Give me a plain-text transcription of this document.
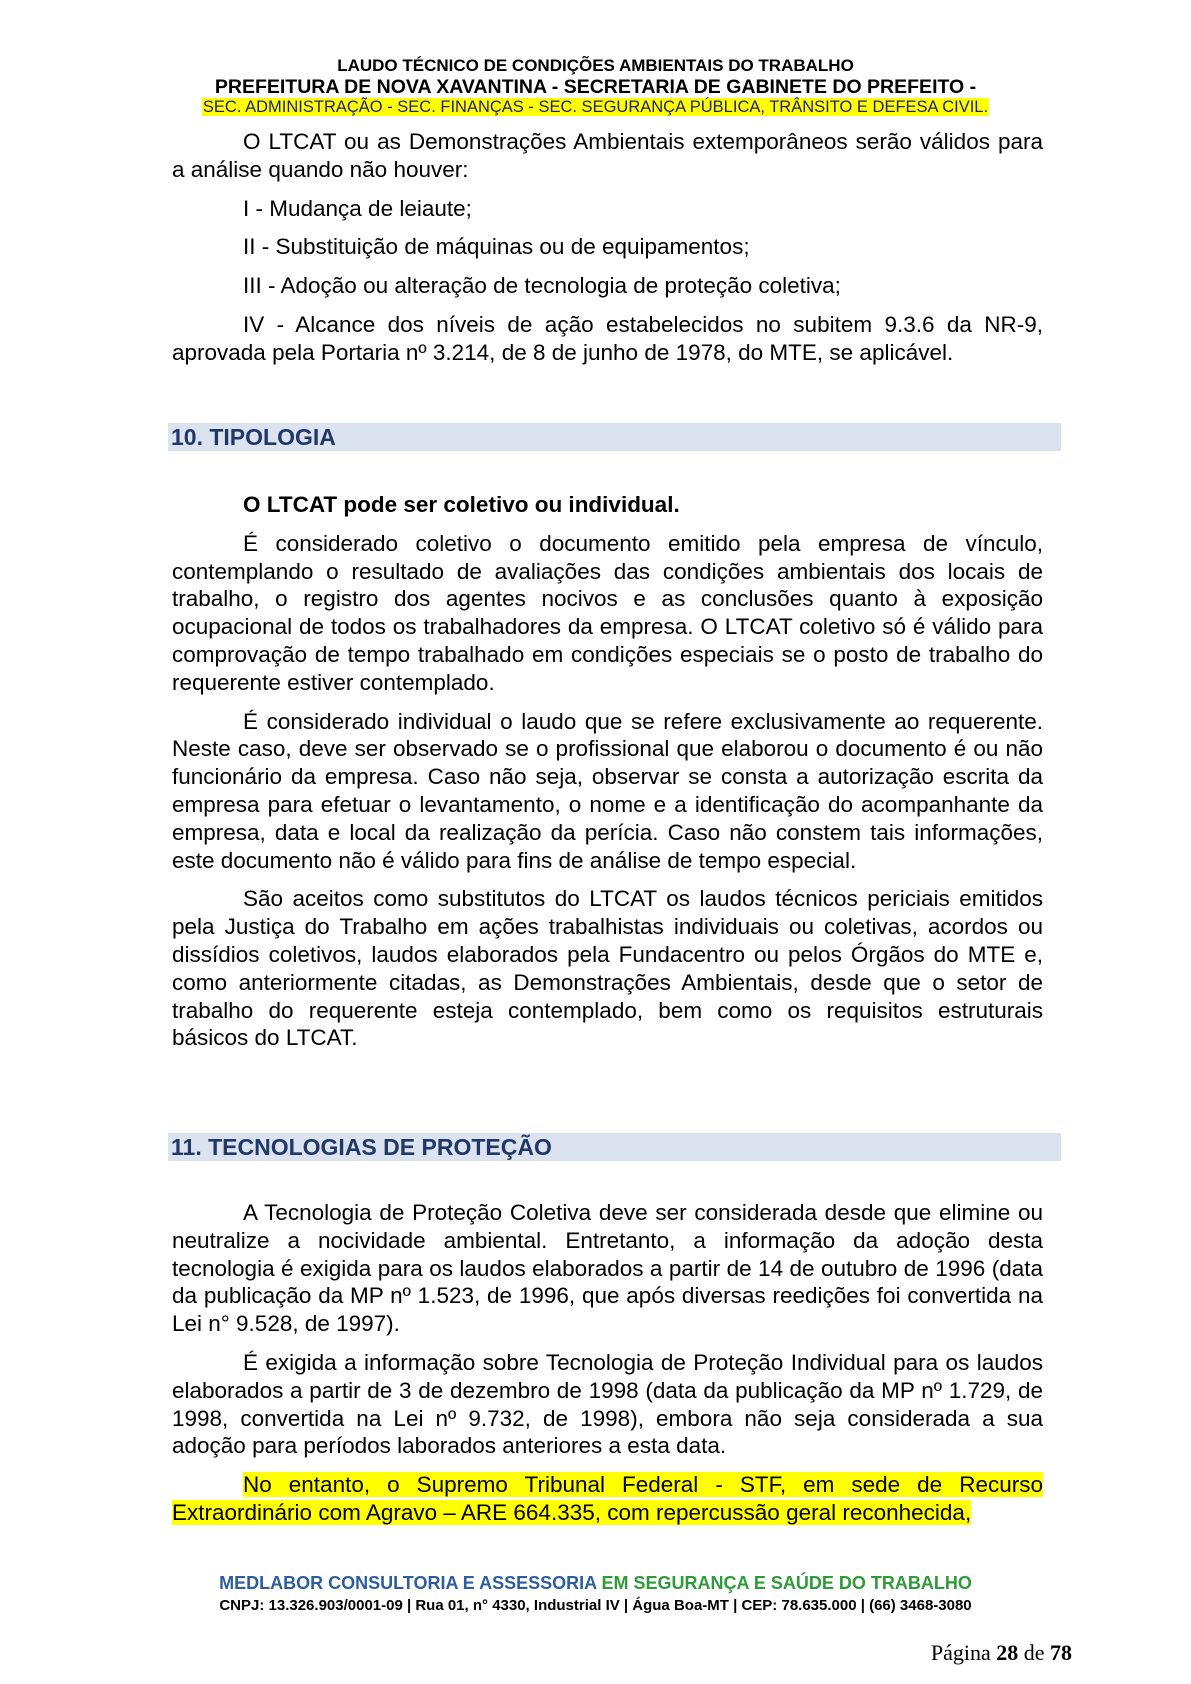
LAUDO TÉCNICO DE CONDIÇÕES AMBIENTAIS DO TRABALHO
PREFEITURA DE NOVA XAVANTINA - SECRETARIA DE GABINETE DO PREFEITO -
SEC. ADMINISTRAÇÃO - SEC. FINANÇAS - SEC. SEGURANÇA PÚBLICA, TRÂNSITO E DEFESA CIVIL.

O LTCAT ou as Demonstrações Ambientais extemporâneos serão válidos para a análise quando não houver:

I - Mudança de leiaute;

II - Substituição de máquinas ou de equipamentos;

III - Adoção ou alteração de tecnologia de proteção coletiva;

IV - Alcance dos níveis de ação estabelecidos no subitem 9.3.6 da NR-9, aprovada pela Portaria nº 3.214, de 8 de junho de 1978, do MTE, se aplicável.

10. TIPOLOGIA

O LTCAT pode ser coletivo ou individual.

É considerado coletivo o documento emitido pela empresa de vínculo, contemplando o resultado de avaliações das condições ambientais dos locais de trabalho, o registro dos agentes nocivos e as conclusões quanto à exposição ocupacional de todos os trabalhadores da empresa. O LTCAT coletivo só é válido para comprovação de tempo trabalhado em condições especiais se o posto de trabalho do requerente estiver contemplado.

É considerado individual o laudo que se refere exclusivamente ao requerente. Neste caso, deve ser observado se o profissional que elaborou o documento é ou não funcionário da empresa. Caso não seja, observar se consta a autorização escrita da empresa para efetuar o levantamento, o nome e a identificação do acompanhante da empresa, data e local da realização da perícia. Caso não constem tais informações, este documento não é válido para fins de análise de tempo especial.

São aceitos como substitutos do LTCAT os laudos técnicos periciais emitidos pela Justiça do Trabalho em ações trabalhistas individuais ou coletivas, acordos ou dissídios coletivos, laudos elaborados pela Fundacentro ou pelos Órgãos do MTE e, como anteriormente citadas, as Demonstrações Ambientais, desde que o setor de trabalho do requerente esteja contemplado, bem como os requisitos estruturais básicos do LTCAT.

11. TECNOLOGIAS DE PROTEÇÃO

A Tecnologia de Proteção Coletiva deve ser considerada desde que elimine ou neutralize a nocividade ambiental. Entretanto, a informação da adoção desta tecnologia é exigida para os laudos elaborados a partir de 14 de outubro de 1996 (data da publicação da MP nº 1.523, de 1996, que após diversas reedições foi convertida na Lei n° 9.528, de 1997).

É exigida a informação sobre Tecnologia de Proteção Individual para os laudos elaborados a partir de 3 de dezembro de 1998 (data da publicação da MP nº 1.729, de 1998, convertida na Lei nº 9.732, de 1998), embora não seja considerada a sua adoção para períodos laborados anteriores a esta data.

No entanto, o Supremo Tribunal Federal - STF, em sede de Recurso Extraordinário com Agravo – ARE 664.335, com repercussão geral reconhecida,

MEDLABOR CONSULTORIA E ASSESSORIA EM SEGURANÇA E SAÚDE DO TRABALHO
CNPJ: 13.326.903/0001-09 | Rua 01, n° 4330, Industrial IV | Água Boa-MT | CEP: 78.635.000 | (66) 3468-3080
Página 28 de 78
